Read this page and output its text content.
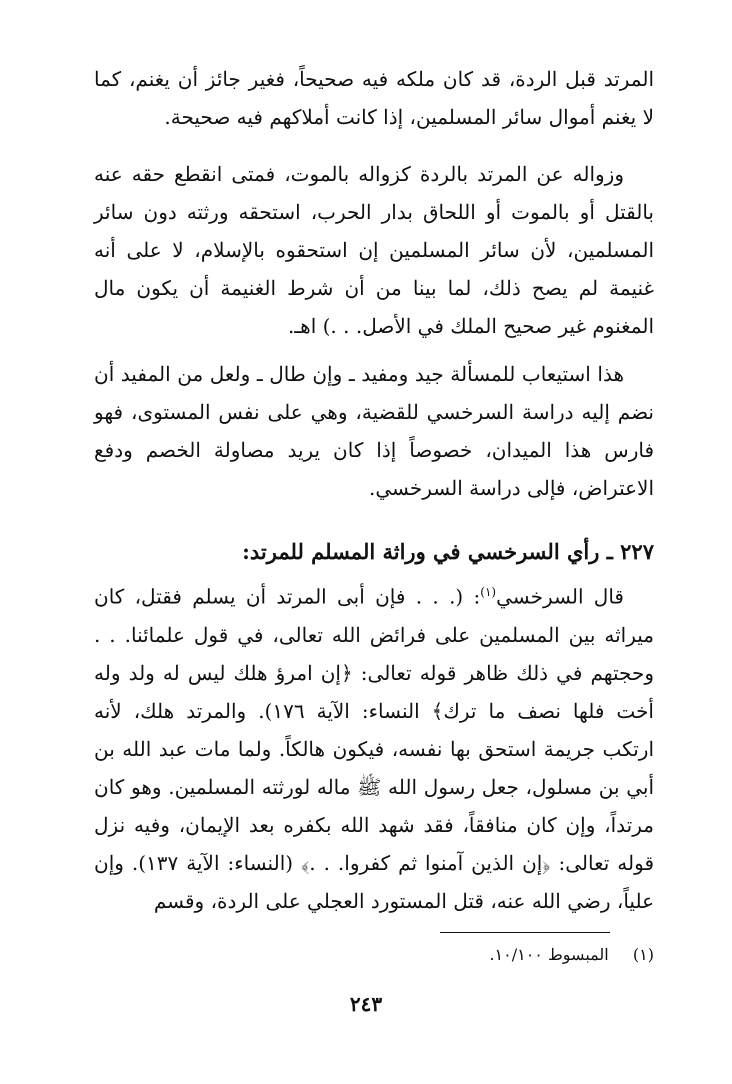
المرتد قبل الردة، قد كان ملكه فيه صحيحاً، فغير جائز أن يغنم، كما لا يغنم أموال سائر المسلمين، إذا كانت أملاكهم فيه صحيحة.

وزواله عن المرتد بالردة كزواله بالموت، فمتى انقطع حقه عنه بالقتل أو بالموت أو اللحاق بدار الحرب، استحقه ورثته دون سائر المسلمين، لأن سائر المسلمين إن استحقوه بالإسلام، لا على أنه غنيمة لم يصح ذلك، لما بينا من أن شرط الغنيمة أن يكون مال المغنوم غير صحيح الملك في الأصل. . .) اهـ.

هذا استيعاب للمسألة جيد ومفيد ـ وإن طال ـ ولعل من المفيد أن نضم إليه دراسة السرخسي للقضية، وهي على نفس المستوى، فهو فارس هذا الميدان، خصوصاً إذا كان يريد مصاولة الخصم ودفع الاعتراض، فإلى دراسة السرخسي.

٢٢٧ ـ رأي السرخسي في وراثة المسلم للمرتد:

قال السرخسي$^{(١)}$: (. . . فإن أبى المرتد أن يسلم فقتل، كان ميراثه بين المسلمين على فرائض الله تعالى، في قول علمائنا. . . وحجتهم في ذلك ظاهر قوله تعالى: ﴿إن امرؤ هلك ليس له ولد وله أخت فلها نصف ما ترك﴾ النساء: الآية ١٧٦). والمرتد هلك، لأنه ارتكب جريمة استحق بها نفسه، فيكون هالكاً. ولما مات عبد الله بن أبي بن مسلول، جعل رسول الله ﷺ ماله لورثته المسلمين. وهو كان مرتداً، وإن كان منافقاً، فقد شهد الله بكفره بعد الإيمان، وفيه نزل قوله تعالى: ﴿إن الذين آمنوا ثم كفروا. . .﴾ (النساء: الآية ١٣٧). وإن علياً، رضي الله عنه، قتل المستورد العجلي على الردة، وقسم

(١)  المبسوط ١٠/١٠٠.
٢٤٣
